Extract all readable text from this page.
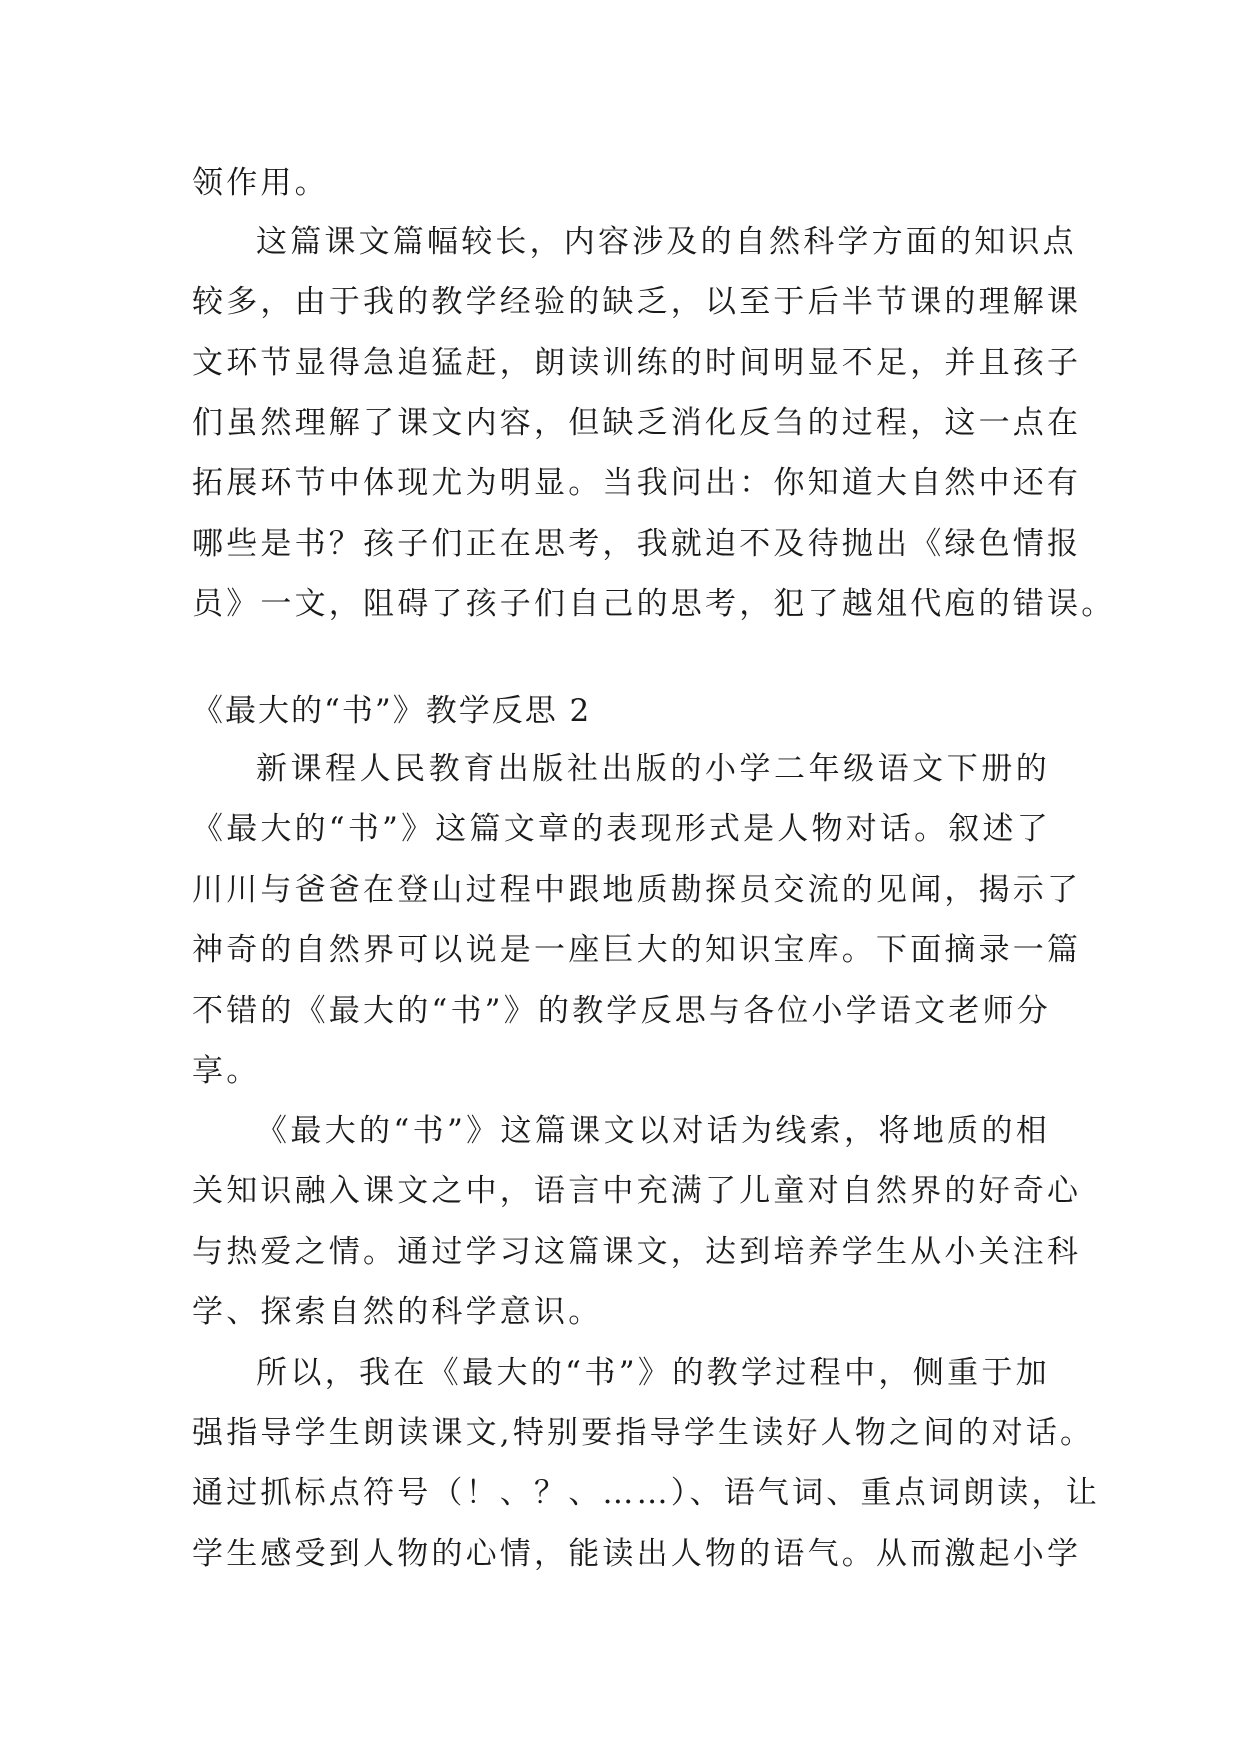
领作用。
这篇课文篇幅较长，内容涉及的自然科学方面的知识点
较多，由于我的教学经验的缺乏，以至于后半节课的理解课
文环节显得急追猛赶，朗读训练的时间明显不足，并且孩子
们虽然理解了课文内容，但缺乏消化反刍的过程，这一点在
拓展环节中体现尤为明显。当我问出：你知道大自然中还有
哪些是书？孩子们正在思考，我就迫不及待抛出《绿色情报
员》一文，阻碍了孩子们自己的思考，犯了越俎代庖的错误。
《最大的“书”》教学反思 2
新课程人民教育出版社出版的小学二年级语文下册的
《最大的“书”》这篇文章的表现形式是人物对话。叙述了
川川与爸爸在登山过程中跟地质勘探员交流的见闻，揭示了
神奇的自然界可以说是一座巨大的知识宝库。下面摘录一篇
不错的《最大的“书”》的教学反思与各位小学语文老师分
享。
《最大的“书”》这篇课文以对话为线索，将地质的相
关知识融入课文之中，语言中充满了儿童对自然界的好奇心
与热爱之情。通过学习这篇课文，达到培养学生从小关注科
学、探索自然的科学意识。
所以，我在《最大的“书”》的教学过程中，侧重于加
强指导学生朗读课文,特别要指导学生读好人物之间的对话。
通过抓标点符号（！、？、……）、语气词、重点词朗读，让
学生感受到人物的心情，能读出人物的语气。从而激起小学
